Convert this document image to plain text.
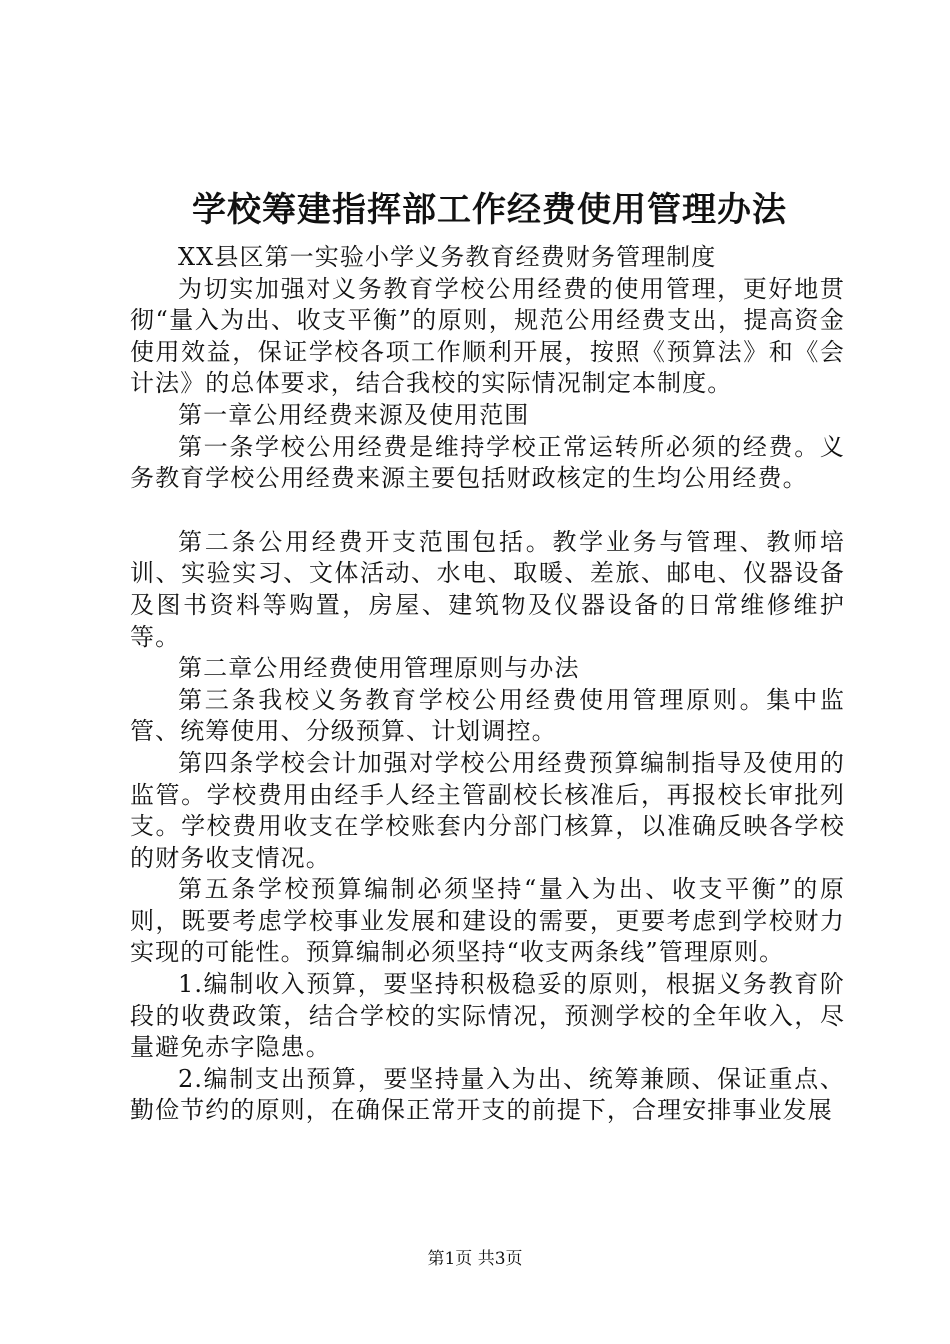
学校筹建指挥部工作经费使用管理办法

XX县区第一实验小学义务教育经费财务管理制度

为切实加强对义务教育学校公用经费的使用管理，更好地贯彻“量入为出、收支平衡”的原则，规范公用经费支出，提高资金使用效益，保证学校各项工作顺利开展，按照《预算法》和《会计法》的总体要求，结合我校的实际情况制定本制度。

第一章公用经费来源及使用范围

第一条学校公用经费是维持学校正常运转所必须的经费。义务教育学校公用经费来源主要包括财政核定的生均公用经费。

第二条公用经费开支范围包括。教学业务与管理、教师培训、实验实习、文体活动、水电、取暖、差旅、邮电、仪器设备及图书资料等购置，房屋、建筑物及仪器设备的日常维修维护等。

第二章公用经费使用管理原则与办法

第三条我校义务教育学校公用经费使用管理原则。集中监管、统筹使用、分级预算、计划调控。

第四条学校会计加强对学校公用经费预算编制指导及使用的监管。学校费用由经手人经主管副校长核准后，再报校长审批列支。学校费用收支在学校账套内分部门核算，以准确反映各学校的财务收支情况。

第五条学校预算编制必须坚持“量入为出、收支平衡”的原则，既要考虑学校事业发展和建设的需要，更要考虑到学校财力实现的可能性。预算编制必须坚持“收支两条线”管理原则。

1.编制收入预算，要坚持积极稳妥的原则，根据义务教育阶段的收费政策，结合学校的实际情况，预测学校的全年收入，尽量避免赤字隐患。

2.编制支出预算，要坚持量入为出、统筹兼顾、保证重点、勤俭节约的原则，在确保正常开支的前提下，合理安排事业发展

第1页 共3页
